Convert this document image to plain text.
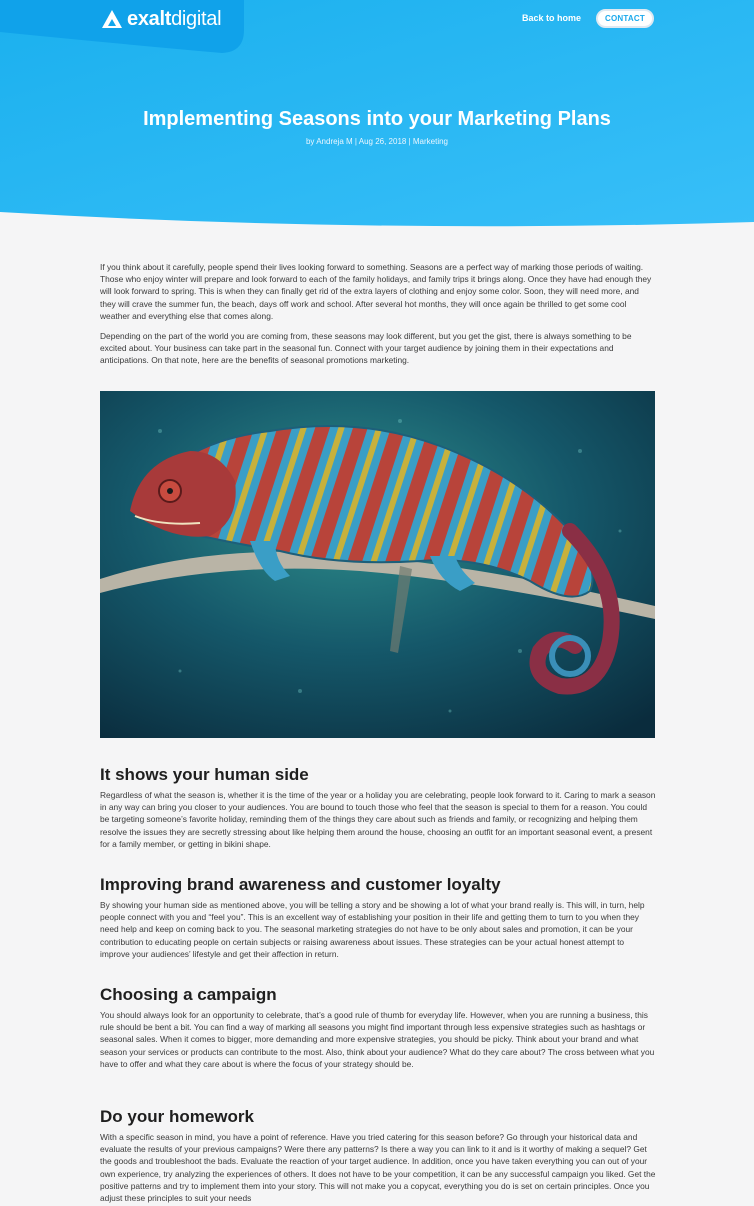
exaltdigital	Back to home	CONTACT
Implementing Seasons into your Marketing Plans
by Andreja M | Aug 26, 2018 | Marketing

If you think about it carefully, people spend their lives looking forward to something. Seasons are a perfect way of marking those periods of waiting. Those who enjoy winter will prepare and look forward to each of the family holidays, and family trips it brings along. Once they have had enough they will look forward to spring. This is when they can finally get rid of the extra layers of clothing and enjoy some color. Soon, they will need more, and they will crave the summer fun, the beach, days off work and school. After several hot months, they will once again be thrilled to get some cool weather and everything else that comes along.

Depending on the part of the world you are coming from, these seasons may look different, but you get the gist, there is always something to be excited about. Your business can take part in the seasonal fun. Connect with your target audience by joining them in their expectations and anticipations. On that note, here are the benefits of seasonal promotions marketing.

It shows your human side

Regardless of what the season is, whether it is the time of the year or a holiday you are celebrating, people look forward to it. Caring to mark a season in any way can bring you closer to your audiences. You are bound to touch those who feel that the season is special to them for a reason. You could be targeting someone’s favorite holiday, reminding them of the things they care about such as friends and family, or recognizing and helping them resolve the issues they are secretly stressing about like helping them around the house, choosing an outfit for an important seasonal event, a present for a family member, or getting in bikini shape.

Improving brand awareness and customer loyalty

By showing your human side as mentioned above, you will be telling a story and be showing a lot of what your brand really is. This will, in turn, help people connect with you and “feel you”. This is an excellent way of establishing your position in their life and getting them to turn to you when they need help and keep on coming back to you. The seasonal marketing strategies do not have to be only about sales and promotion, it can be your contribution to educating people on certain subjects or raising awareness about issues. These strategies can be your actual honest attempt to improve your audiences’ lifestyle and get their affection in return.

Choosing a campaign

You should always look for an opportunity to celebrate, that’s a good rule of thumb for everyday life. However, when you are running a business, this rule should be bent a bit. You can find a way of marking all seasons you might find important through less expensive strategies such as hashtags or seasonal sales. When it comes to bigger, more demanding and more expensive strategies, you should be picky. Think about your brand and what season your services or products can contribute to the most. Also, think about your audience? What do they care about? The cross between what you have to offer and what they care about is where the focus of your strategy should be.

Do your homework

With a specific season in mind, you have a point of reference. Have you tried catering for this season before? Go through your historical data and evaluate the results of your previous campaigns? Were there any patterns? Is there a way you can link to it and is it worthy of making a sequel? Get the goods and troubleshoot the bads. Evaluate the reaction of your target audience. In addition, once you have taken everything you can out of your own experience, try analyzing the experiences of others. It does not have to be your competition, it can be any successful campaign you liked. Get the positive patterns and try to implement them into your story. This will not make you a copycat, everything you do is set on certain principles. Once you adjust these principles to suit your needs
